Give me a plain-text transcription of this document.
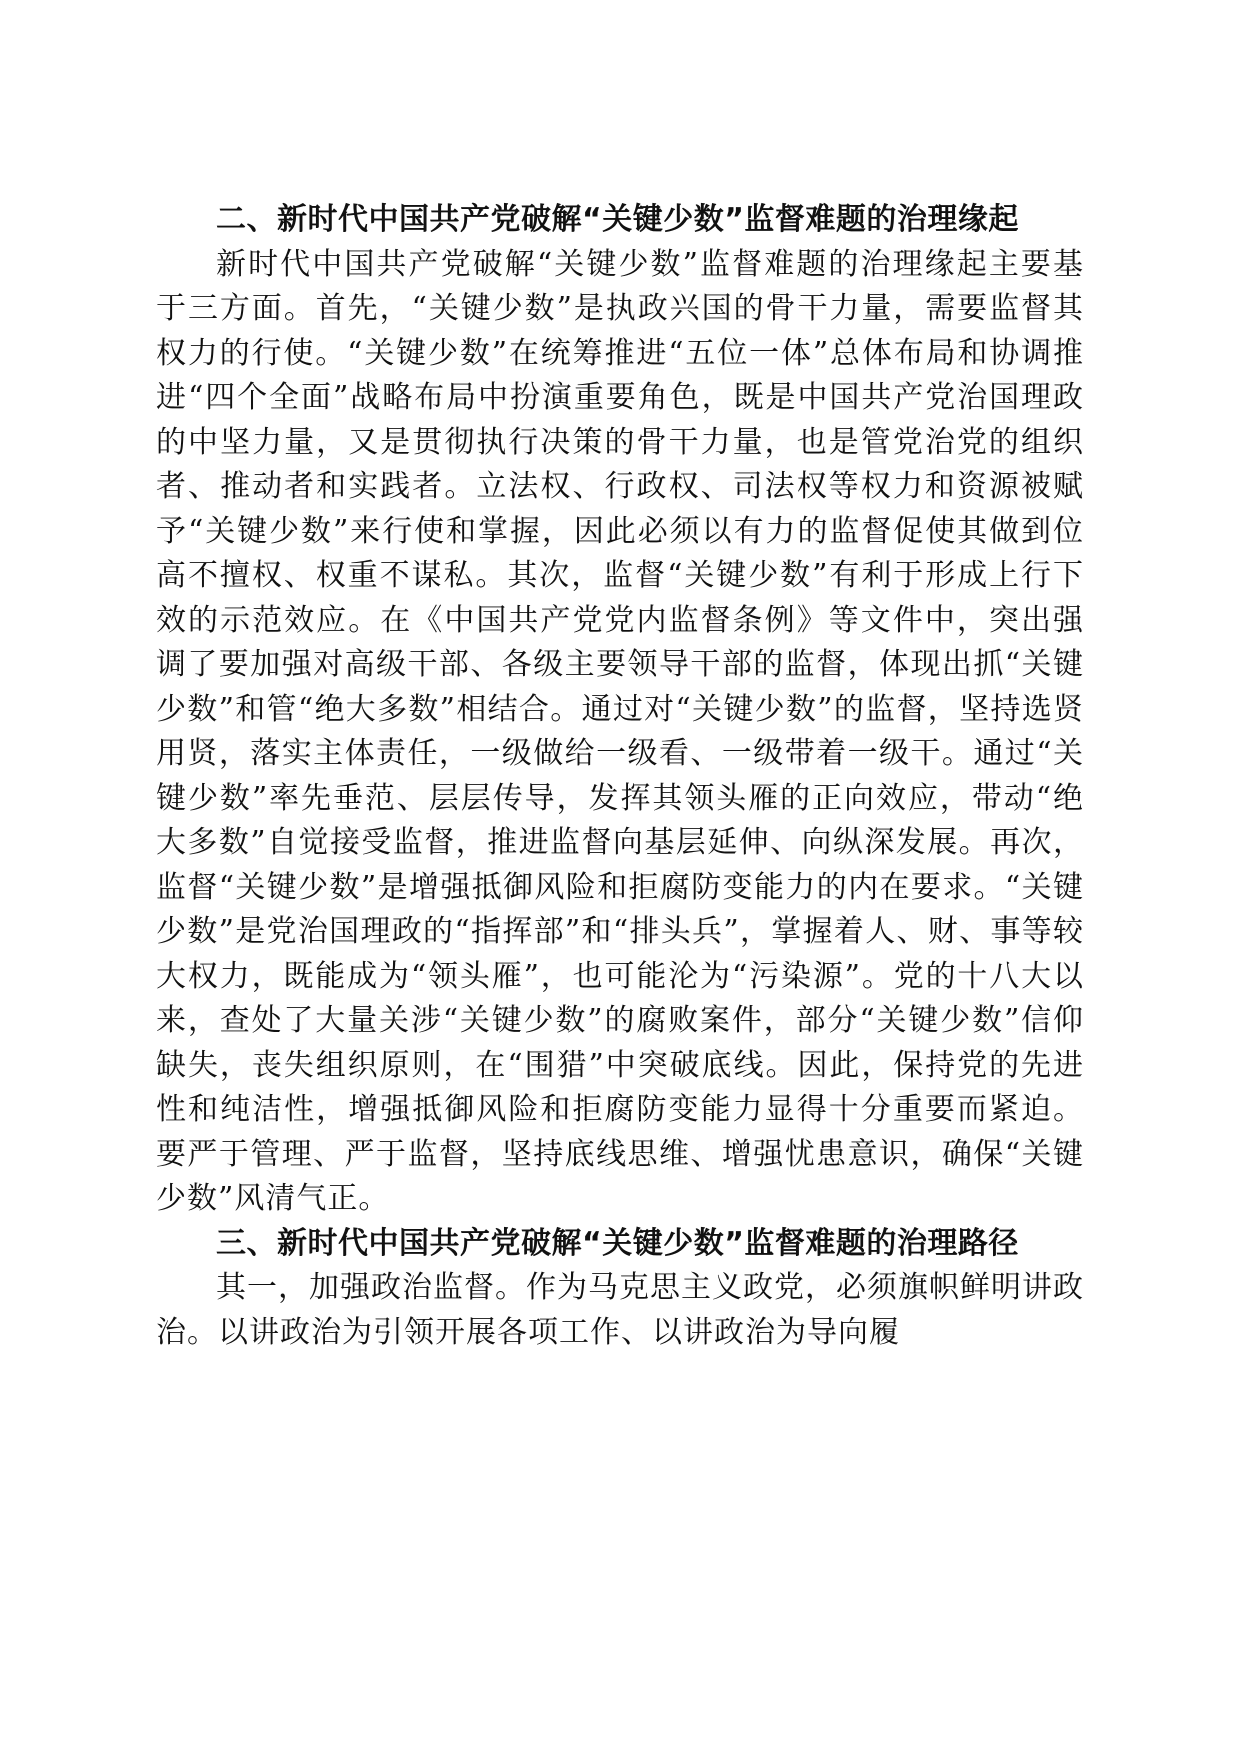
二、新时代中国共产党破解“关键少数”监督难题的治理缘起

新时代中国共产党破解“关键少数”监督难题的治理缘起主要基于三方面。首先，“关键少数”是执政兴国的骨干力量，需要监督其权力的行使。“关键少数”在统筹推进“五位一体”总体布局和协调推进“四个全面”战略布局中扮演重要角色，既是中国共产党治国理政的中坚力量，又是贯彻执行决策的骨干力量，也是管党治党的组织者、推动者和实践者。立法权、行政权、司法权等权力和资源被赋予“关键少数”来行使和掌握，因此必须以有力的监督促使其做到位高不擅权、权重不谋私。其次，监督“关键少数”有利于形成上行下效的示范效应。在《中国共产党党内监督条例》等文件中，突出强调了要加强对高级干部、各级主要领导干部的监督，体现出抓“关键少数”和管“绝大多数”相结合。通过对“关键少数”的监督，坚持选贤用贤，落实主体责任，一级做给一级看、一级带着一级干。通过“关键少数”率先垂范、层层传导，发挥其领头雁的正向效应，带动“绝大多数”自觉接受监督，推进监督向基层延伸、向纵深发展。再次，监督“关键少数”是增强抵御风险和拒腐防变能力的内在要求。“关键少数”是党治国理政的“指挥部”和“排头兵”，掌握着人、财、事等较大权力，既能成为“领头雁”，也可能沦为“污染源”。党的十八大以来，查处了大量关涉“关键少数”的腐败案件，部分“关键少数”信仰缺失，丧失组织原则，在“围猎”中突破底线。因此，保持党的先进性和纯洁性，增强抵御风险和拒腐防变能力显得十分重要而紧迫。要严于管理、严于监督，坚持底线思维、增强忧患意识，确保“关键少数”风清气正。

三、新时代中国共产党破解“关键少数”监督难题的治理路径

其一，加强政治监督。作为马克思主义政党，必须旗帜鲜明讲政治。以讲政治为引领开展各项工作、以讲政治为导向履
